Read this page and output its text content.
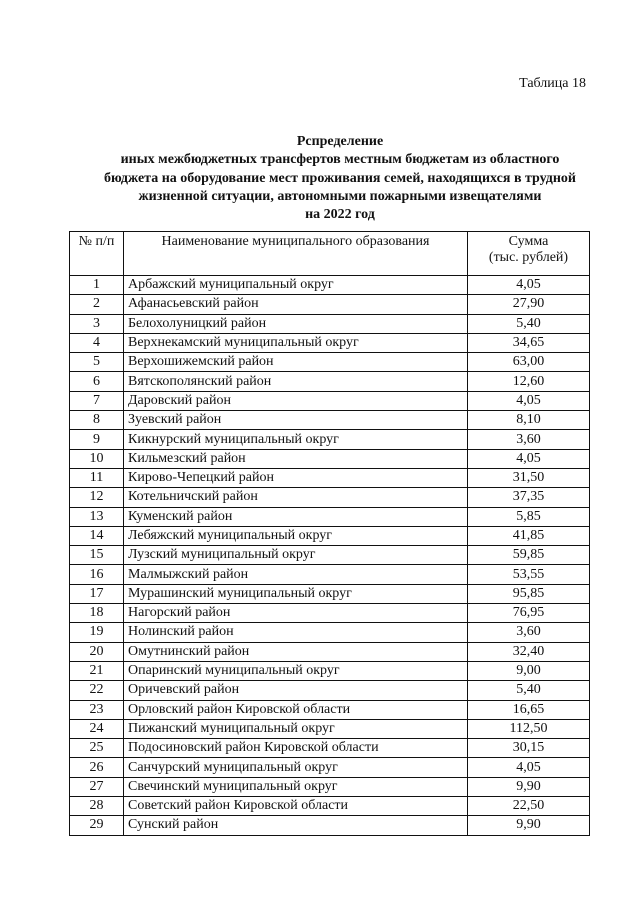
Таблица 18
Рспределение
иных межбюджетных трансфертов местным бюджетам из областного
бюджета на оборудование мест проживания семей, находящихся в трудной
жизненной ситуации, автономными пожарными извещателями
на 2022 год
№ п/п	Наименование муниципального образования	Сумма
(тыс. рублей)

1	Арбажский муниципальный округ	4,05
2	Афанасьевский район	27,90
3	Белохолуницкий район	5,40
4	Верхнекамский муниципальный округ	34,65
5	Верхошижемский район	63,00
6	Вятскополянский район	12,60
7	Даровский район	4,05
8	Зуевский район	8,10
9	Кикнурский муниципальный округ	3,60
10	Кильмезский район	4,05
11	Кирово-Чепецкий район	31,50
12	Котельничский район	37,35
13	Куменский район	5,85
14	Лебяжский муниципальный округ	41,85
15	Лузский муниципальный округ	59,85
16	Малмыжский район	53,55
17	Мурашинский муниципальный округ	95,85
18	Нагорский район	76,95
19	Нолинский район	3,60
20	Омутнинский район	32,40
21	Опаринский муниципальный округ	9,00
22	Оричевский район	5,40
23	Орловский район Кировской области	16,65
24	Пижанский муниципальный округ	112,50
25	Подосиновский район Кировской области	30,15
26	Санчурский муниципальный округ	4,05
27	Свечинский муниципальный округ	9,90
28	Советский район Кировской области	22,50
29	Сунский район	9,90
